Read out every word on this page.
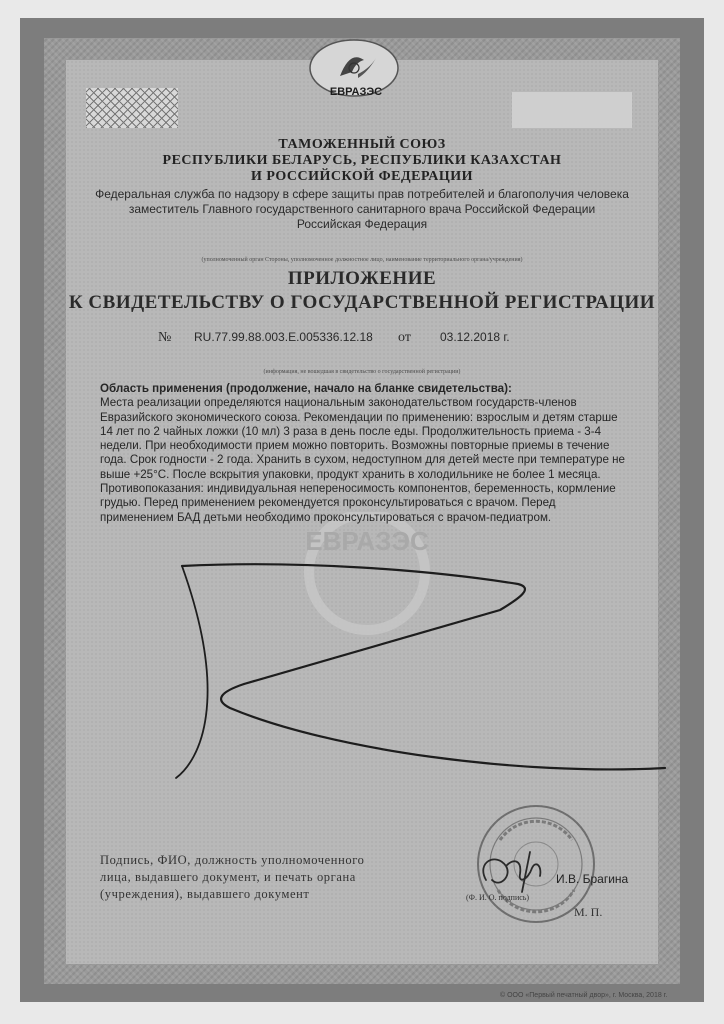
ЕВРАЗЭС
ТАМОЖЕННЫЙ СОЮЗ
РЕСПУБЛИКИ БЕЛАРУСЬ, РЕСПУБЛИКИ КАЗАХСТАН
И РОССИЙСКОЙ ФЕДЕРАЦИИ
Федеральная служба по надзору в сфере защиты прав потребителей и благополучия человека
заместитель Главного государственного санитарного врача Российской Федерации
Российская Федерация
(уполномоченный орган Стороны, уполномоченное должностное лицо, наименование территориального органа/учреждения)
ПРИЛОЖЕНИЕ
К СВИДЕТЕЛЬСТВУ О ГОСУДАРСТВЕННОЙ РЕГИСТРАЦИИ
№ RU.77.99.88.003.Е.005336.12.18 от 03.12.2018 г.
(информация, не вошедшая в свидетельство о государственной регистрации)
ЕВРАЗЭС
Область применения (продолжение, начало на бланке свидетельства):
Места реализации определяются национальным законодательством государств-членов
Евразийского экономического союза. Рекомендации по применению: взрослым и детям старше
14 лет по 2 чайных ложки (10 мл) 3 раза в день после еды. Продолжительность приема - 3-4
недели. При необходимости прием можно повторить. Возможны повторные приемы в течение
года. Срок годности - 2 года. Хранить в сухом, недоступном для детей месте при температуре не
выше +25°С. После вскрытия упаковки, продукт хранить в холодильнике не более 1 месяца.
Противопоказания: индивидуальная непереносимость компонентов, беременность, кормление
грудью. Перед применением рекомендуется проконсультироваться с врачом. Перед
применением БАД детьми необходимо проконсультироваться с врачом-педиатром.
Подпись, ФИО, должность уполномоченного
лица, выдавшего документ, и печать органа
(учреждения), выдавшего документ
И.В. Брагина
(Ф. И. О. подпись)
М. П.
© ООО «Первый печатный двор», г. Москва, 2018 г.
